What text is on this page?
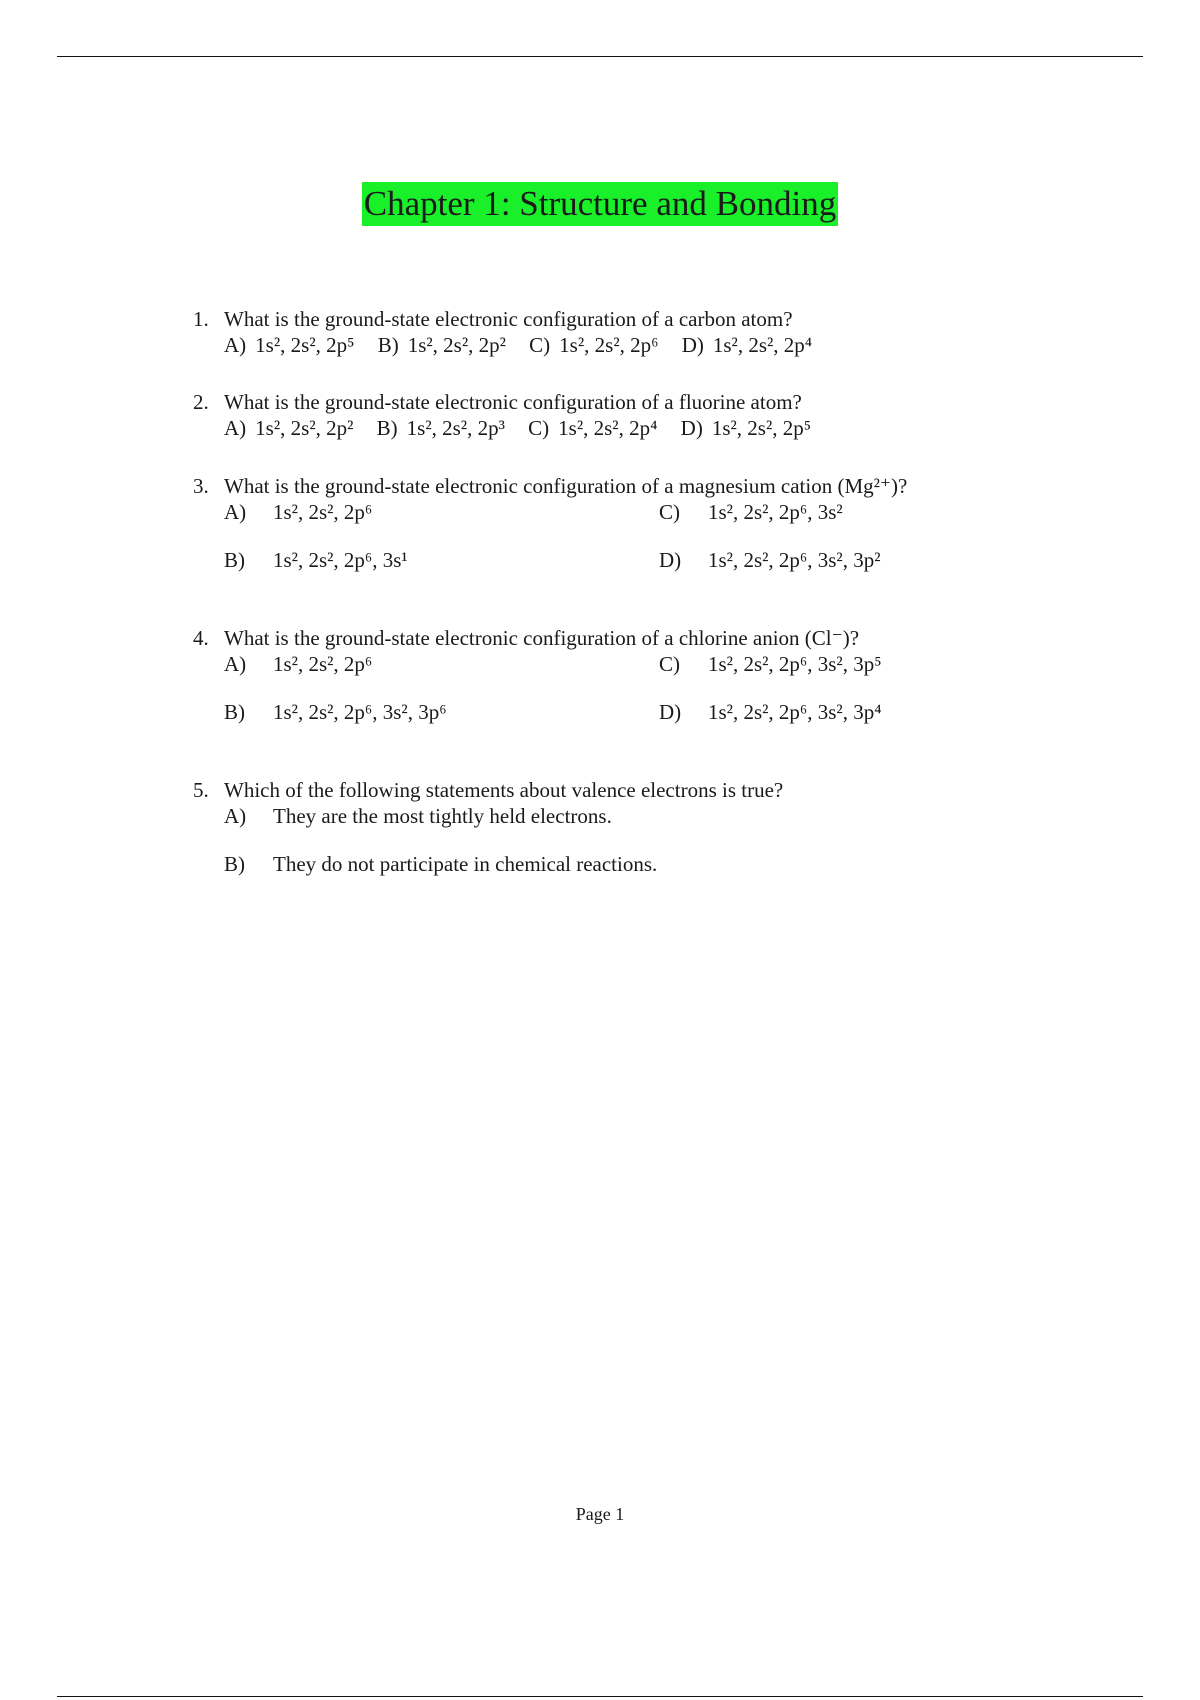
Chapter 1: Structure and Bonding
1. What is the ground-state electronic configuration of a carbon atom?
A) 1s², 2s², 2p⁵ B) 1s², 2s², 2p² C) 1s², 2s², 2p⁶ D) 1s², 2s², 2p⁴
2. What is the ground-state electronic configuration of a fluorine atom?
A) 1s², 2s², 2p² B) 1s², 2s², 2p³ C) 1s², 2s², 2p⁴ D) 1s², 2s², 2p⁵
3. What is the ground-state electronic configuration of a magnesium cation (Mg²⁺)?
A) 1s², 2s², 2p⁶
B) 1s², 2s², 2p⁶, 3s¹
C) 1s², 2s², 2p⁶, 3s²
D) 1s², 2s², 2p⁶, 3s², 3p²
4. What is the ground-state electronic configuration of a chlorine anion (Cl⁻)?
A) 1s², 2s², 2p⁶
B) 1s², 2s², 2p⁶, 3s², 3p⁶
C) 1s², 2s², 2p⁶, 3s², 3p⁵
D) 1s², 2s², 2p⁶, 3s², 3p⁴
5. Which of the following statements about valence electrons is true?
A) They are the most tightly held electrons.
B) They do not participate in chemical reactions.
Page 1
